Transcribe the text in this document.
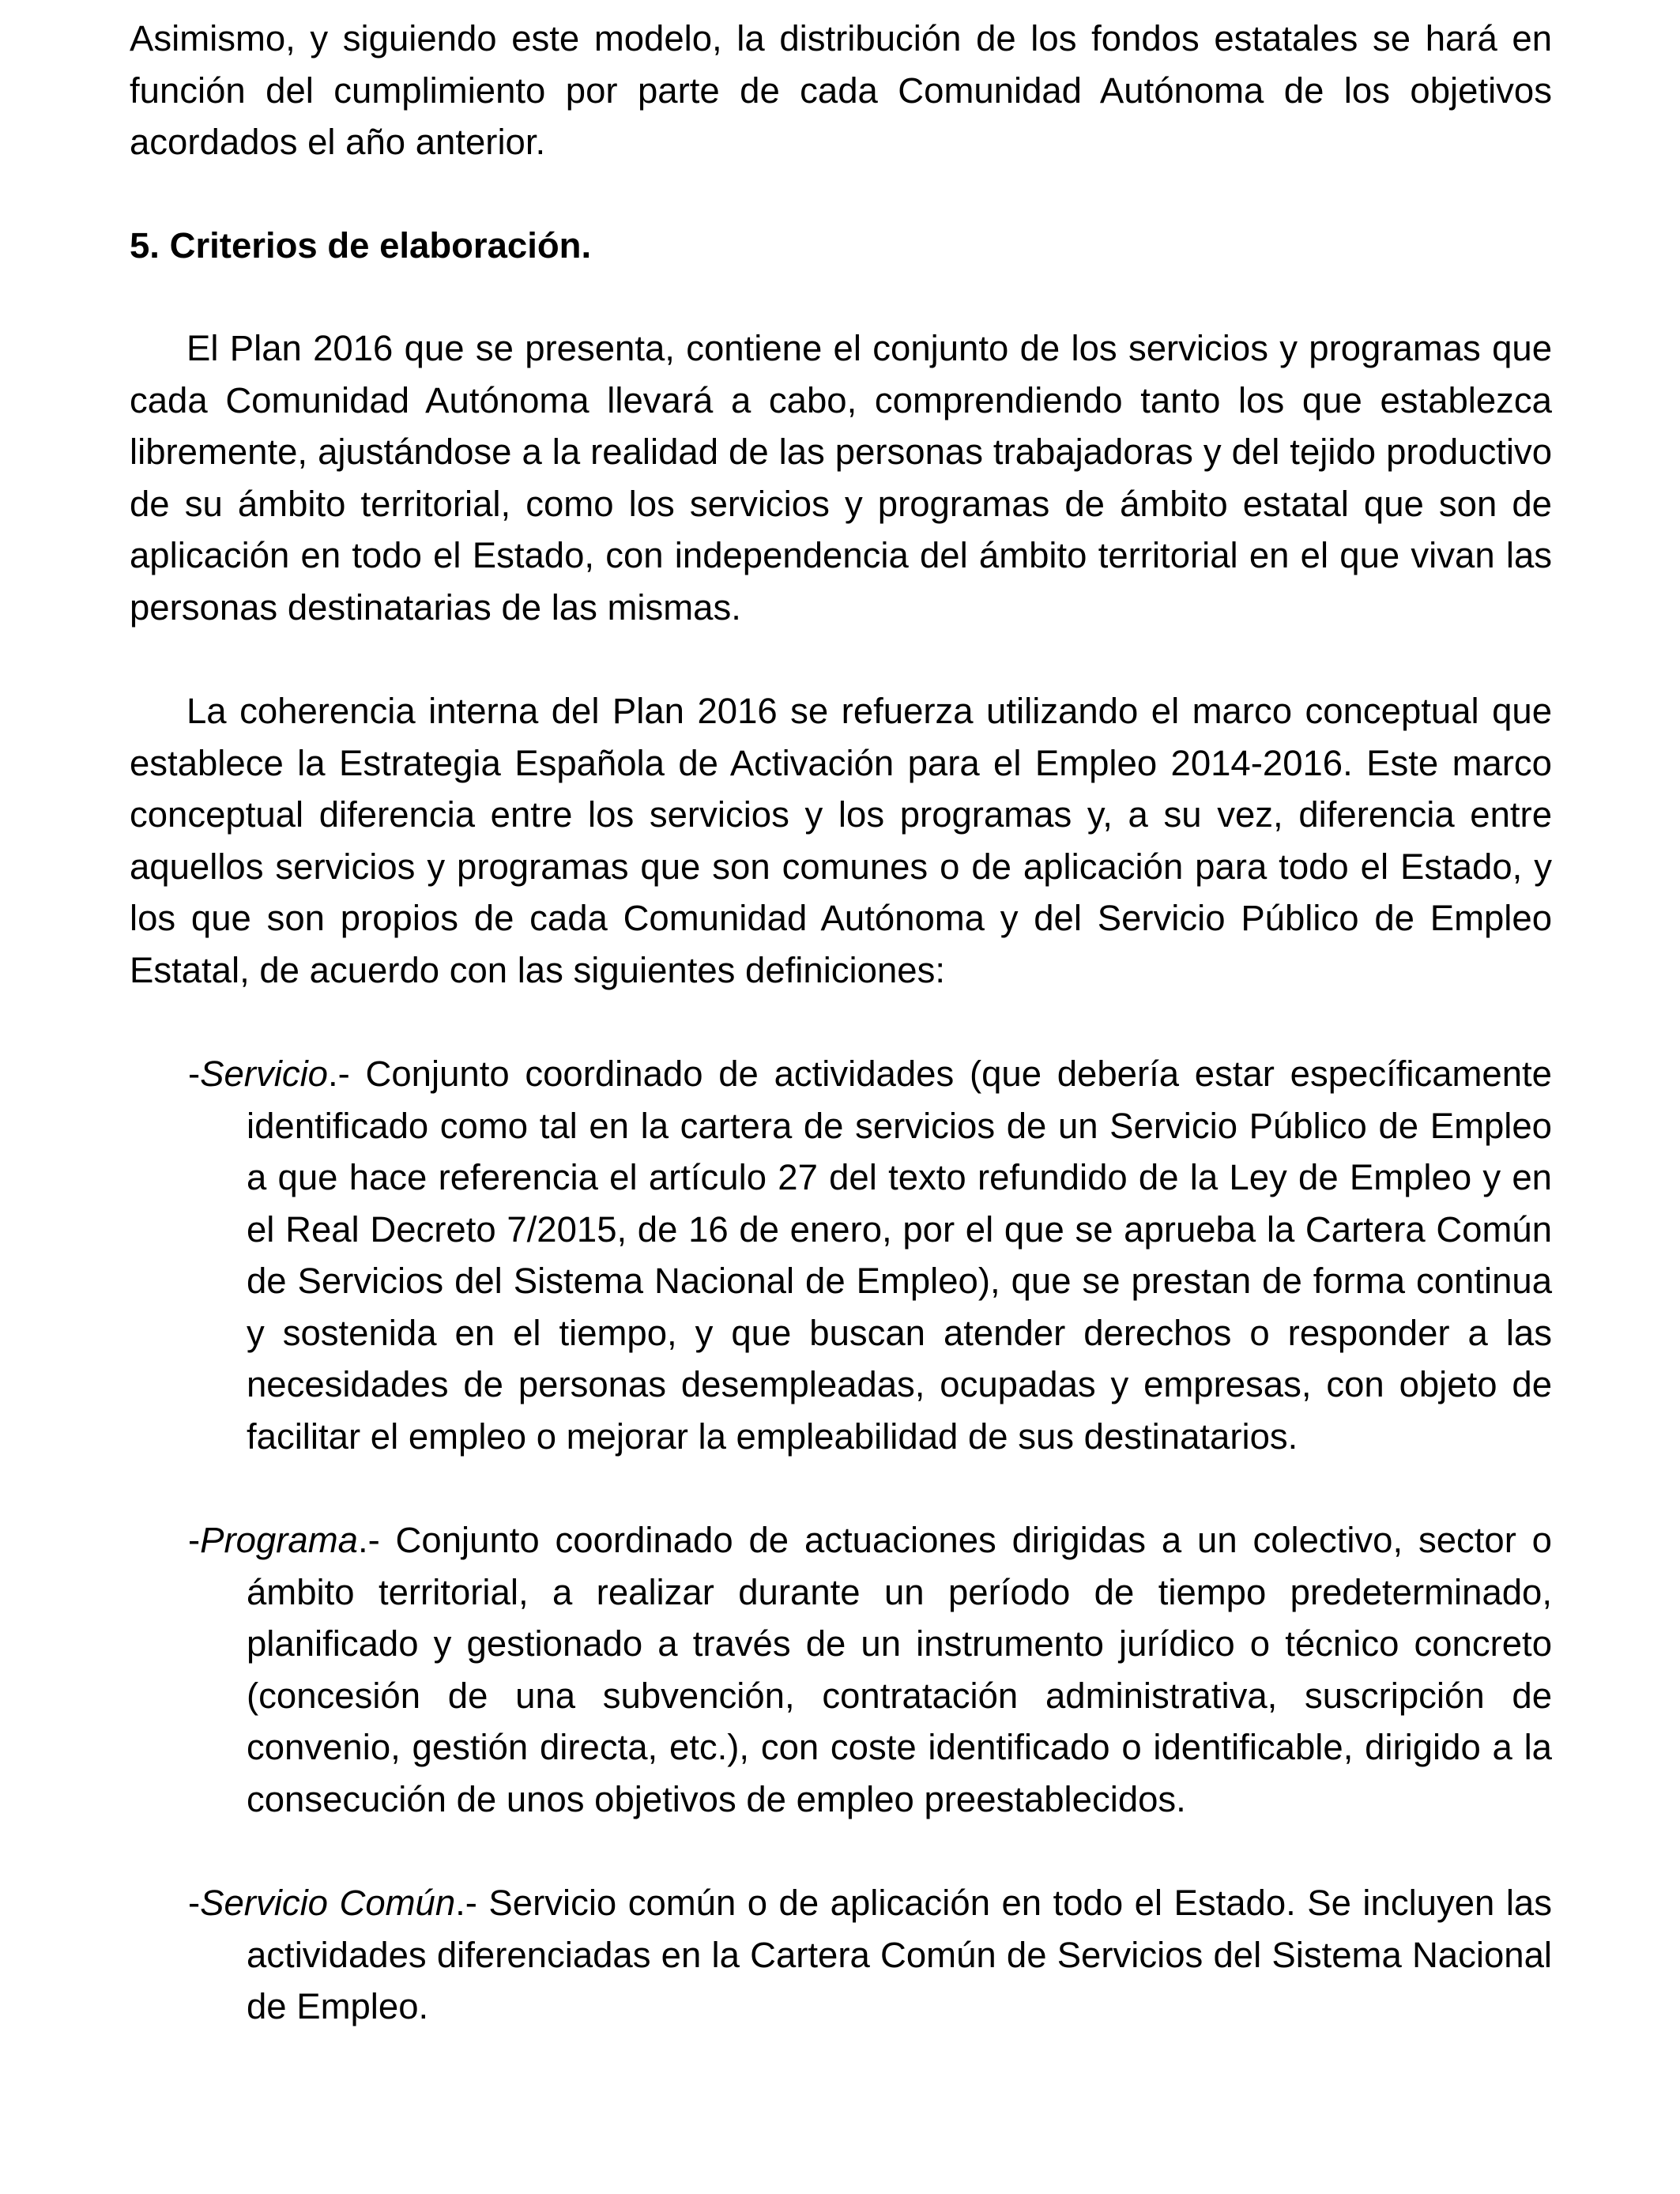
Asimismo, y siguiendo este modelo, la distribución de los fondos estatales se hará en función del cumplimiento por parte de cada Comunidad Autónoma de los objetivos acordados el año anterior.

5. Criterios de elaboración.

El Plan 2016 que se presenta, contiene el conjunto de los servicios y programas que cada Comunidad Autónoma llevará a cabo, comprendiendo tanto los que establezca libremente, ajustándose a la realidad de las personas trabajadoras y del tejido productivo de su ámbito territorial, como los servicios y programas de ámbito estatal que son de aplicación en todo el Estado, con independencia del ámbito territorial en el que vivan las personas destinatarias de las mismas.

La coherencia interna del Plan 2016 se refuerza utilizando el marco conceptual que establece la Estrategia Española de Activación para el Empleo 2014-2016. Este marco conceptual diferencia entre los servicios y los programas y, a su vez, diferencia entre aquellos servicios y programas que son comunes o de aplicación para todo el Estado, y los que son propios de cada Comunidad Autónoma y del Servicio Público de Empleo Estatal, de acuerdo con las siguientes definiciones:

-Servicio.- Conjunto coordinado de actividades (que debería estar específicamente identificado como tal en la cartera de servicios de un Servicio Público de Empleo a que hace referencia el artículo 27 del texto refundido de la Ley de Empleo y en el Real Decreto 7/2015, de 16 de enero, por el que se aprueba la Cartera Común de Servicios del Sistema Nacional de Empleo), que se prestan de forma continua y sostenida en el tiempo, y que buscan atender derechos o responder a las necesidades de personas desempleadas, ocupadas y empresas, con objeto de facilitar el empleo o mejorar la empleabilidad de sus destinatarios.

-Programa.- Conjunto coordinado de actuaciones dirigidas a un colectivo, sector o ámbito territorial, a realizar durante un período de tiempo predeterminado, planificado y gestionado a través de un instrumento jurídico o técnico concreto (concesión de una subvención, contratación administrativa, suscripción de convenio, gestión directa, etc.), con coste identificado o identificable, dirigido a la consecución de unos objetivos de empleo preestablecidos.

-Servicio Común.- Servicio común o de aplicación en todo el Estado. Se incluyen las actividades diferenciadas en la Cartera Común de Servicios del Sistema Nacional de Empleo.
